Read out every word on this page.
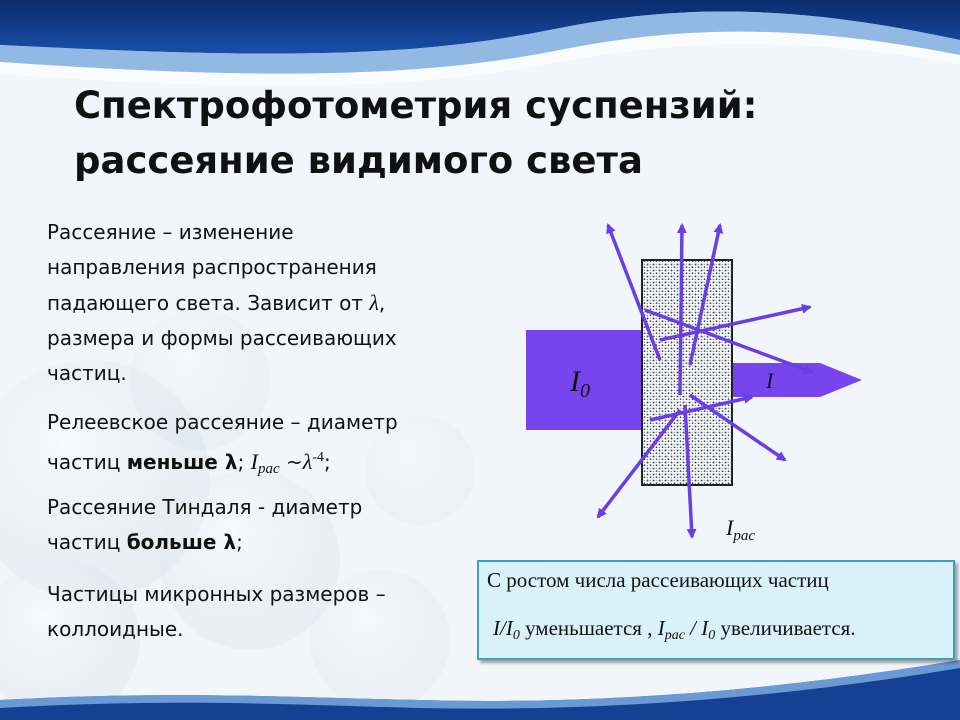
Спектрофотометрия суспензий:
рассеяние видимого света
Рассеяние – изменение
направления распространения
падающего света. Зависит от λ,
размера и формы рассеивающих
частиц.
Релеевское рассеяние – диаметр
частиц меньше λ; $I_{рас}$ $\sim\lambda^{-4}$;
Рассеяние Тиндаля - диаметр
частиц больше λ;
Частицы микронных размеров –
коллоидные.
$I_0$	I
$I_{рас}$
С ростом числа рассеивающих частиц
I/I0 уменьшается , Iрас / I0 увеличивается.
